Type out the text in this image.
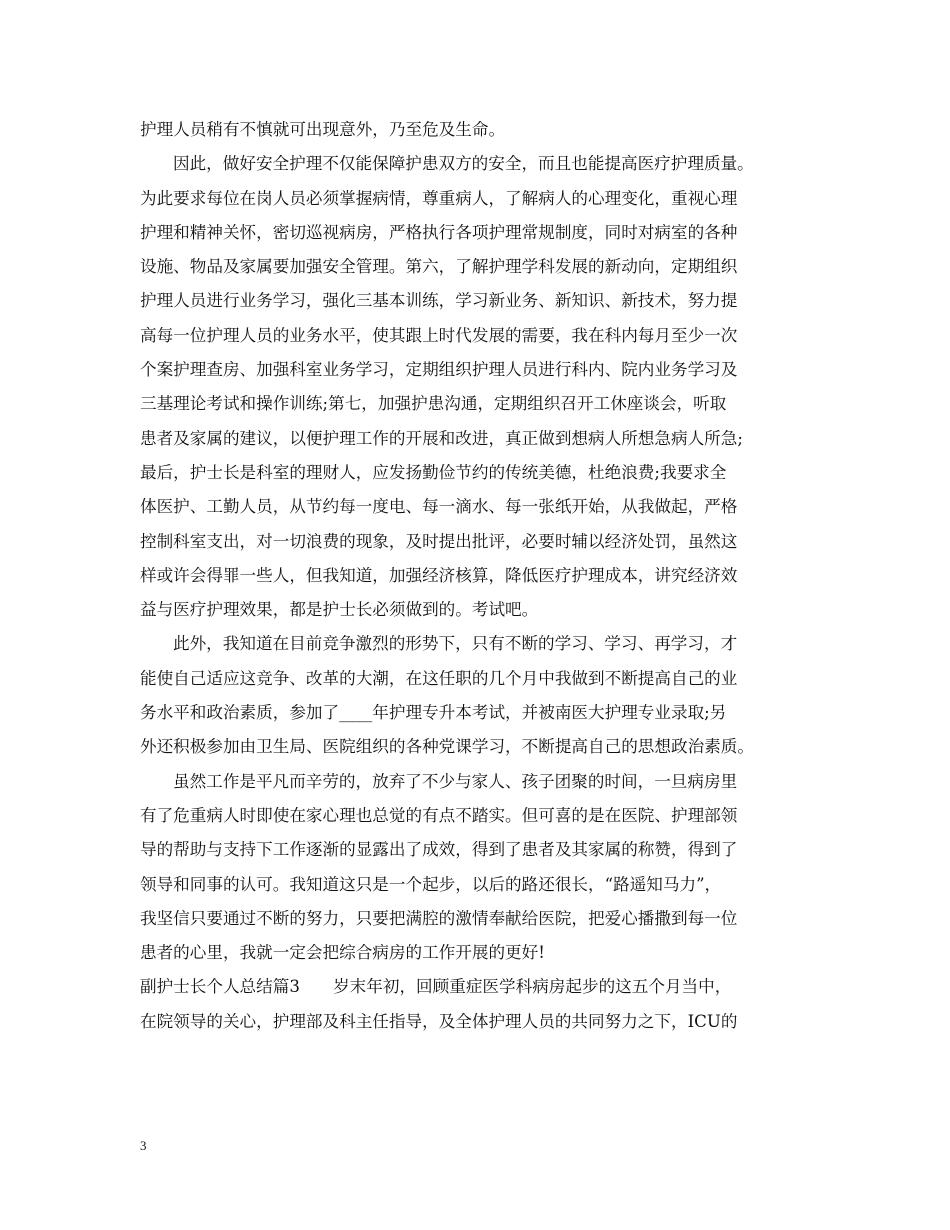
护理人员稍有不慎就可出现意外，乃至危及生命。
因此，做好安全护理不仅能保障护患双方的安全，而且也能提高医疗护理质量。
为此要求每位在岗人员必须掌握病情，尊重病人，了解病人的心理变化，重视心理
护理和精神关怀，密切巡视病房，严格执行各项护理常规制度，同时对病室的各种
设施、物品及家属要加强安全管理。第六，了解护理学科发展的新动向，定期组织
护理人员进行业务学习，强化三基本训练，学习新业务、新知识、新技术，努力提
高每一位护理人员的业务水平，使其跟上时代发展的需要，我在科内每月至少一次
个案护理查房、加强科室业务学习，定期组织护理人员进行科内、院内业务学习及
三基理论考试和操作训练;第七，加强护患沟通，定期组织召开工休座谈会，听取
患者及家属的建议，以便护理工作的开展和改进，真正做到想病人所想急病人所急;
最后，护士长是科室的理财人，应发扬勤俭节约的传统美德，杜绝浪费;我要求全
体医护、工勤人员，从节约每一度电、每一滴水、每一张纸开始，从我做起，严格
控制科室支出，对一切浪费的现象，及时提出批评，必要时辅以经济处罚，虽然这
样或许会得罪一些人，但我知道，加强经济核算，降低医疗护理成本，讲究经济效
益与医疗护理效果，都是护士长必须做到的。考试吧。
此外，我知道在目前竞争激烈的形势下，只有不断的学习、学习、再学习，才
能使自己适应这竞争、改革的大潮，在这任职的几个月中我做到不断提高自己的业
务水平和政治素质，参加了____年护理专升本考试，并被南医大护理专业录取;另
外还积极参加由卫生局、医院组织的各种党课学习，不断提高自己的思想政治素质。
虽然工作是平凡而辛劳的，放弃了不少与家人、孩子团聚的时间，一旦病房里
有了危重病人时即使在家心理也总觉的有点不踏实。但可喜的是在医院、护理部领
导的帮助与支持下工作逐渐的显露出了成效，得到了患者及其家属的称赞，得到了
领导和同事的认可。我知道这只是一个起步，以后的路还很长，“路遥知马力”，
我坚信只要通过不断的努力，只要把满腔的激情奉献给医院，把爱心播撒到每一位
患者的心里，我就一定会把综合病房的工作开展的更好!
副护士长个人总结篇3　　岁末年初，回顾重症医学科病房起步的这五个月当中，
在院领导的关心，护理部及科主任指导，及全体护理人员的共同努力之下，ICU的
3
